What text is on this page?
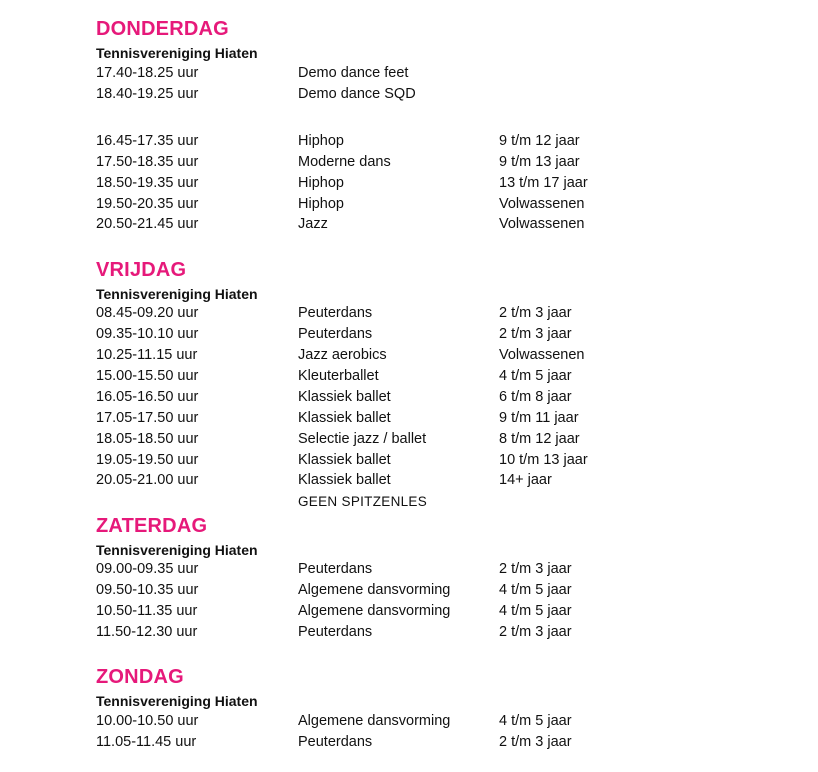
DONDERDAG
Tennisvereniging Hiaten
17.40-18.25 uur	Demo dance feet
18.40-19.25 uur	Demo dance SQD
16.45-17.35 uur	Hiphop	9 t/m 12 jaar
17.50-18.35 uur	Moderne dans	9 t/m 13 jaar
18.50-19.35 uur	Hiphop	13 t/m 17 jaar
19.50-20.35 uur	Hiphop	Volwassenen
20.50-21.45 uur	Jazz	Volwassenen
VRIJDAG
Tennisvereniging Hiaten
08.45-09.20 uur	Peuterdans	2 t/m 3 jaar
09.35-10.10 uur	Peuterdans	2 t/m 3 jaar
10.25-11.15 uur	Jazz aerobics	Volwassenen
15.00-15.50 uur	Kleuterballet	4 t/m 5 jaar
16.05-16.50 uur	Klassiek ballet	6 t/m 8 jaar
17.05-17.50 uur	Klassiek ballet	9 t/m 11 jaar
18.05-18.50 uur	Selectie jazz / ballet	8 t/m 12 jaar
19.05-19.50 uur	Klassiek ballet	10 t/m 13 jaar
20.05-21.00 uur	Klassiek ballet	14+ jaar
GEEN SPITZENLES
ZATERDAG
Tennisvereniging Hiaten
09.00-09.35 uur	Peuterdans	2 t/m 3 jaar
09.50-10.35 uur	Algemene dansvorming	4 t/m 5 jaar
10.50-11.35 uur	Algemene dansvorming	4 t/m 5 jaar
11.50-12.30 uur	Peuterdans	2 t/m 3 jaar
ZONDAG
Tennisvereniging Hiaten
10.00-10.50 uur	Algemene dansvorming	4 t/m 5 jaar
11.05-11.45 uur	Peuterdans	2 t/m 3 jaar
